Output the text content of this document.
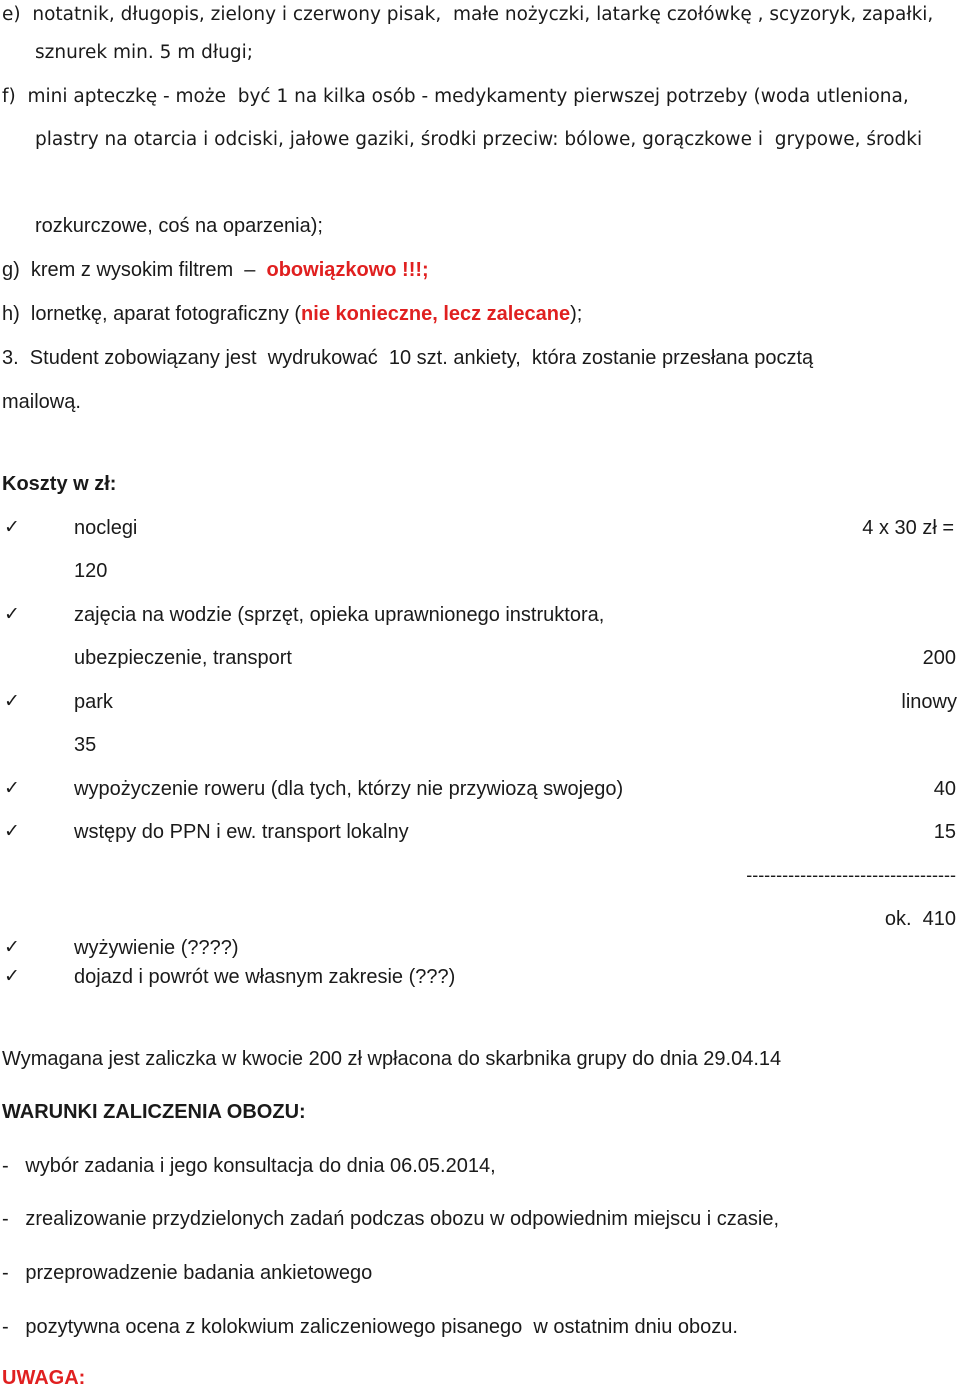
e)  notatnik, długopis, zielony i czerwony pisak,  małe nożyczki, latarkę czołówkę , scyzoryk, zapałki,
sznurek min. 5 m długi;
f)  mini apteczkę - może  być 1 na kilka osób - medykamenty pierwszej potrzeby (woda utleniona,
plastry na otarcia i odciski, jałowe gaziki, środki przeciw: bólowe, gorączkowe i  grypowe, środki
rozkurczowe, coś na oparzenia);
g)  krem z wysokim filtrem  –  obowiązkowo !!!;
h)  lornetkę, aparat fotograficzny (nie konieczne, lecz zalecane);
3.  Student zobowiązany jest  wydrukować  10 szt. ankiety,  która zostanie przesłana pocztą
mailową.
Koszty w zł:
✓	noclegi	4 x 30 zł =
120
✓	zajęcia na wodzie (sprzęt, opieka uprawnionego instruktora,
ubezpieczenie, transport	200
✓	park	linowy
35
✓	wypożyczenie roweru (dla tych, którzy nie przywiozą swojego)	40
✓	wstępy do PPN i ew. transport lokalny	15
-----------------------------------
ok.  410
✓	wyżywienie (????)
✓	dojazd i powrót we własnym zakresie (???)
Wymagana jest zaliczka w kwocie 200 zł wpłacona do skarbnika grupy do dnia 29.04.14
WARUNKI ZALICZENIA OBOZU:
-   wybór zadania i jego konsultacja do dnia 06.05.2014,
-   zrealizowanie przydzielonych zadań podczas obozu w odpowiednim miejscu i czasie,
-   przeprowadzenie badania ankietowego
-   pozytywna ocena z kolokwium zaliczeniowego pisanego  w ostatnim dniu obozu.
UWAGA:
